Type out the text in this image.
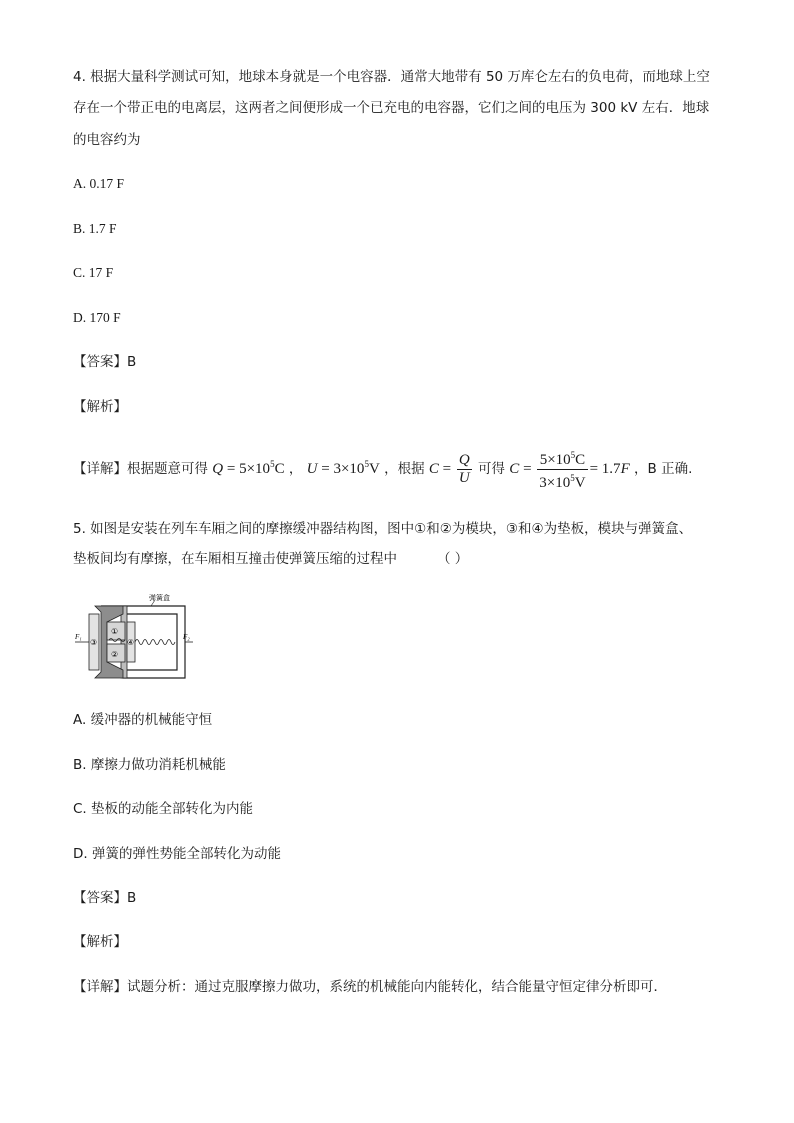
4. 根据大量科学测试可知，地球本身就是一个电容器．通常大地带有 50 万库仑左右的负电荷，而地球上空
存在一个带正电的电离层，这两者之间便形成一个已充电的电容器，它们之间的电压为 300 kV 左右．地球
的电容约为
A. 0.17 F
B. 1.7 F
C. 17 F
D. 170 F
【答案】B
【解析】
【详解】根据题意可得 $Q = 5\times 10^5C$ ， $U = 3\times 10^5V$ ，根据 $C = \frac{Q}{U}$ 可得 $C = \frac{5\times 10^5C}{3\times 10^5V} = 1.7F$ ，B 正确.
5. 如图是安装在列车车厢之间的摩擦缓冲器结构图，图中①和②为模块，③和④为垫板，模块与弹簧盒、
垫板间均有摩擦，在车厢相互撞击使弹簧压缩的过程中	（ ）
弹簧盒
F₁	F₂
①
②
③	④
A. 缓冲器的机械能守恒
B. 摩擦力做功消耗机械能
C. 垫板的动能全部转化为内能
D. 弹簧的弹性势能全部转化为动能
【答案】B
【解析】
【详解】试题分析：通过克服摩擦力做功，系统的机械能向内能转化，结合能量守恒定律分析即可．
